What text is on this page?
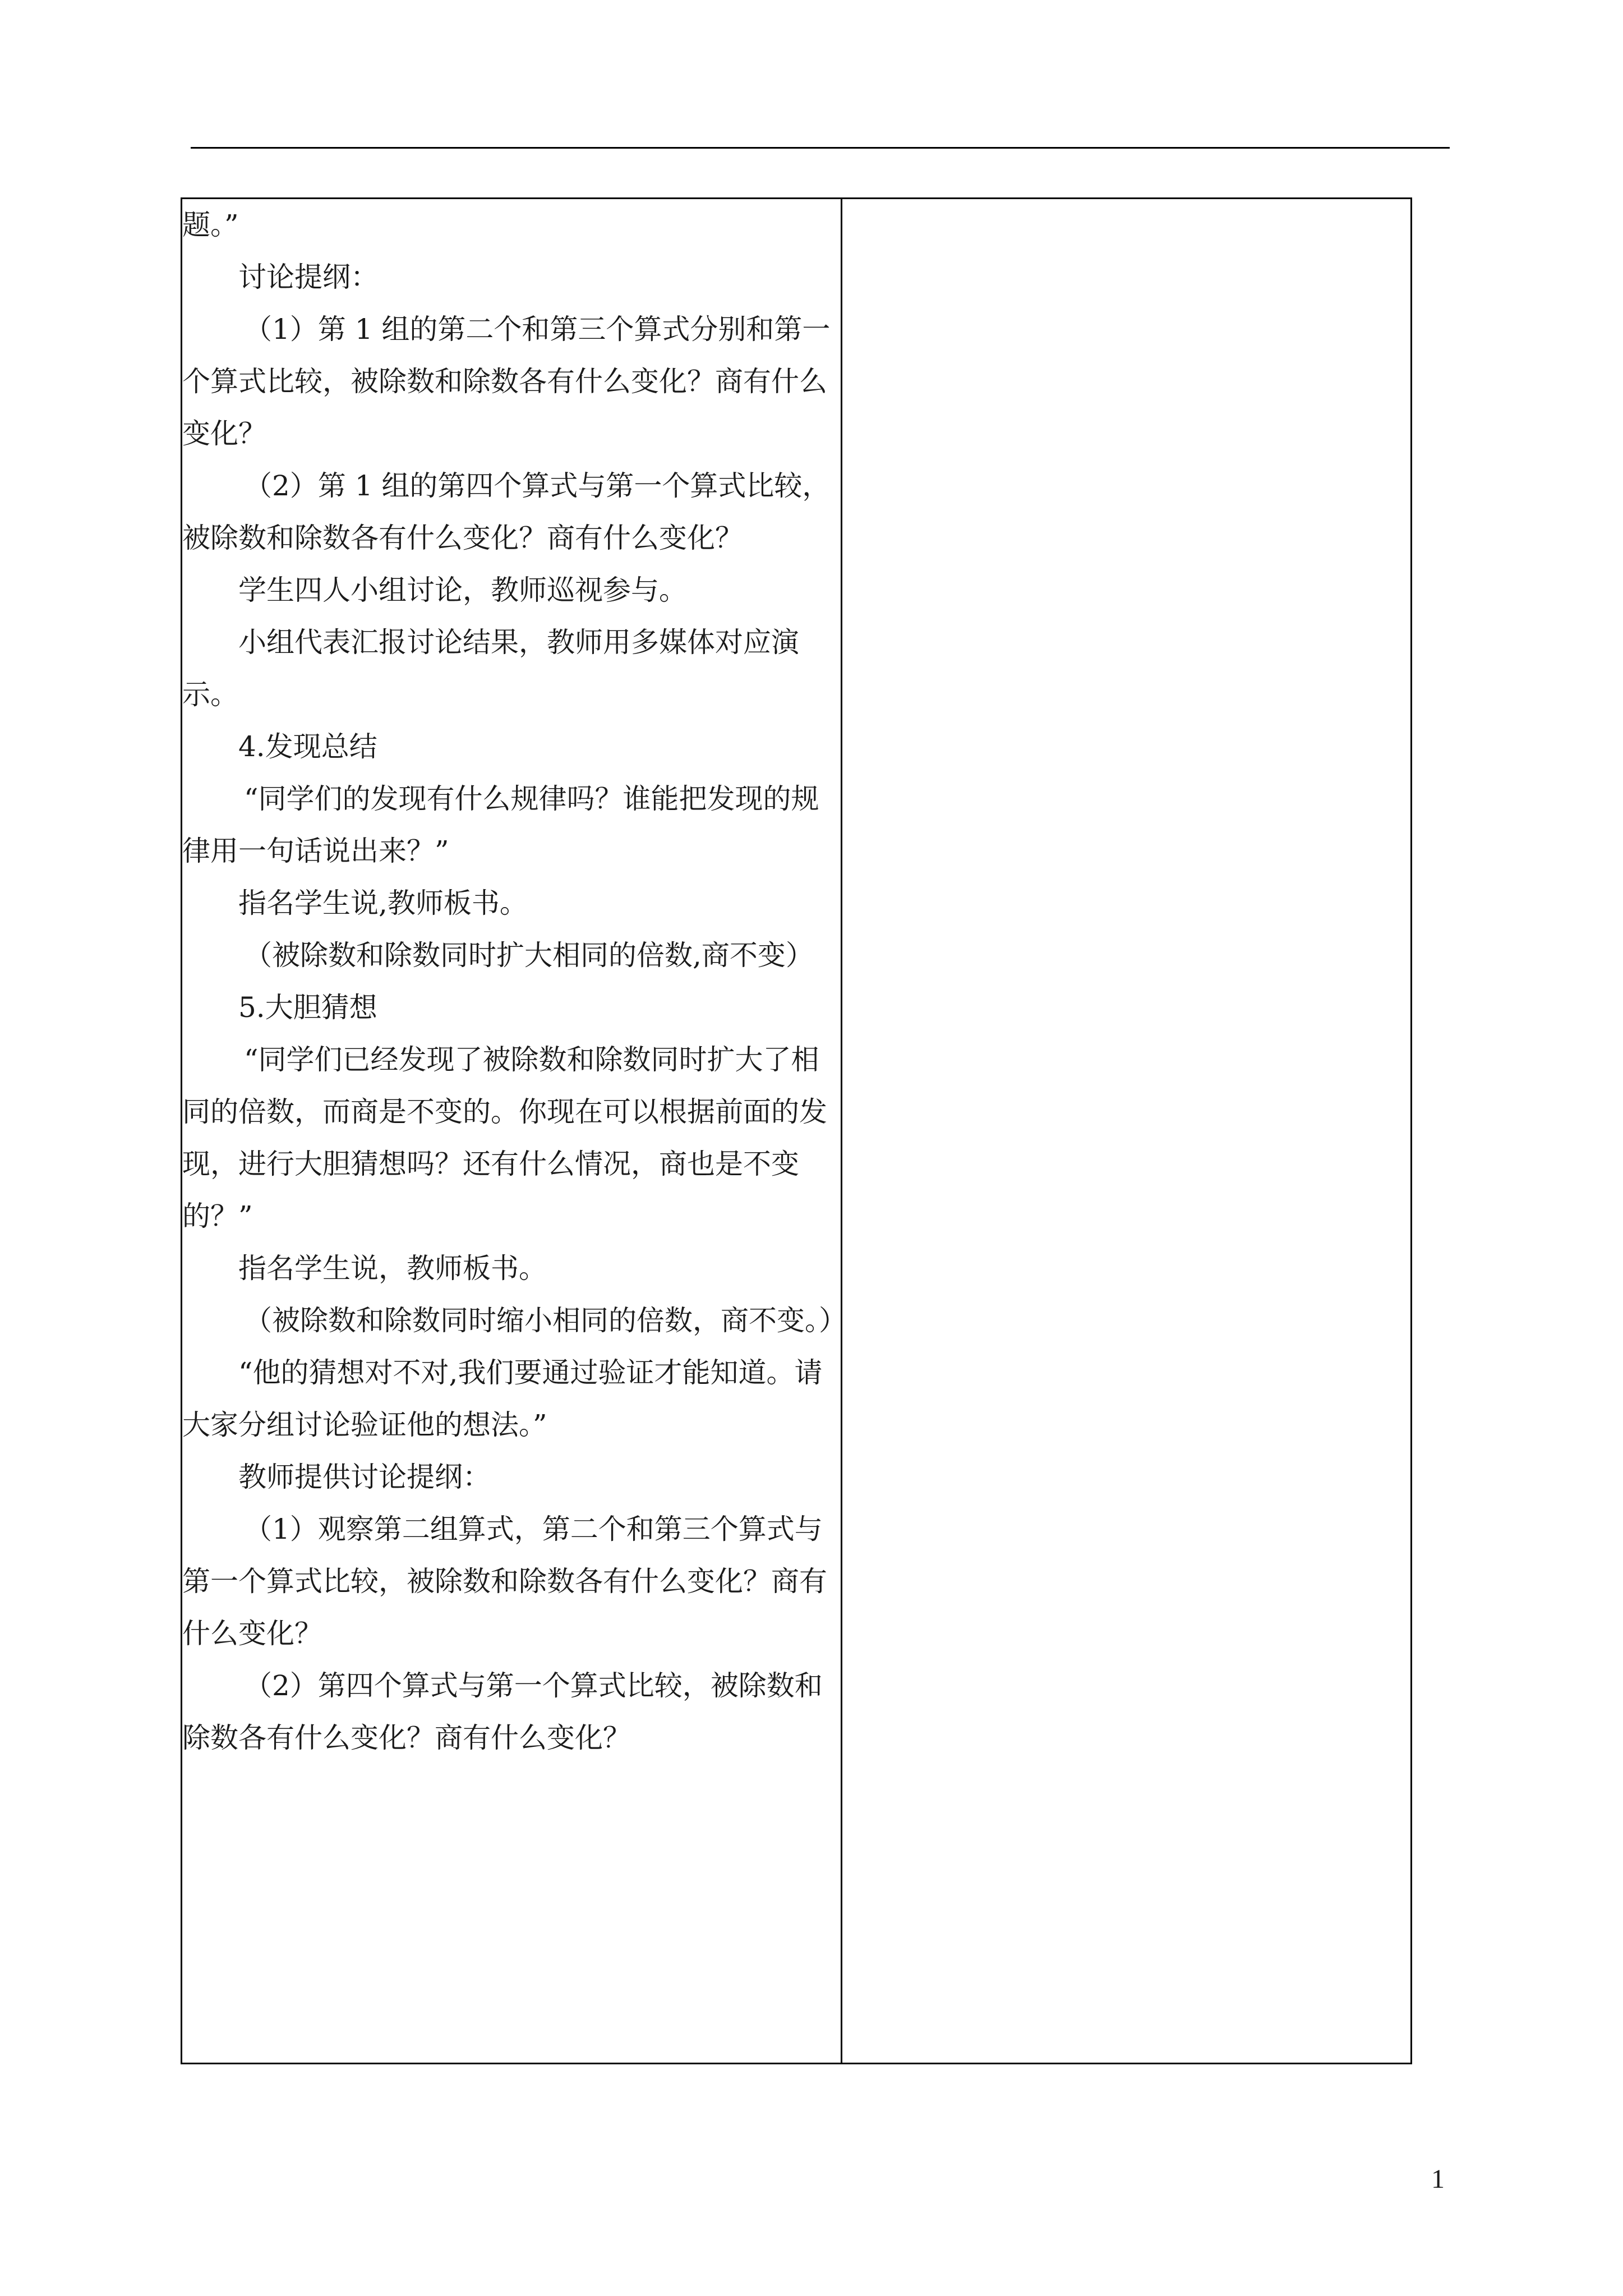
题。”

讨论提纲：

（1）第 1 组的第二个和第三个算式分别和第一个算式比较，被除数和除数各有什么变化？商有什么变化？

（2）第 1 组的第四个算式与第一个算式比较，被除数和除数各有什么变化？商有什么变化？

学生四人小组讨论，教师巡视参与。

小组代表汇报讨论结果，教师用多媒体对应演示。

4.发现总结

“同学们的发现有什么规律吗？谁能把发现的规律用一句话说出来？”

指名学生说,教师板书。

（被除数和除数同时扩大相同的倍数,商不变）

5.大胆猜想

“同学们已经发现了被除数和除数同时扩大了相同的倍数，而商是不变的。你现在可以根据前面的发现，进行大胆猜想吗？还有什么情况，商也是不变的？”

指名学生说，教师板书。

（被除数和除数同时缩小相同的倍数，商不变。）

“他的猜想对不对,我们要通过验证才能知道。请大家分组讨论验证他的想法。”

教师提供讨论提纲：

（1）观察第二组算式，第二个和第三个算式与第一个算式比较，被除数和除数各有什么变化？商有什么变化？

（2）第四个算式与第一个算式比较，被除数和除数各有什么变化？商有什么变化？

1
